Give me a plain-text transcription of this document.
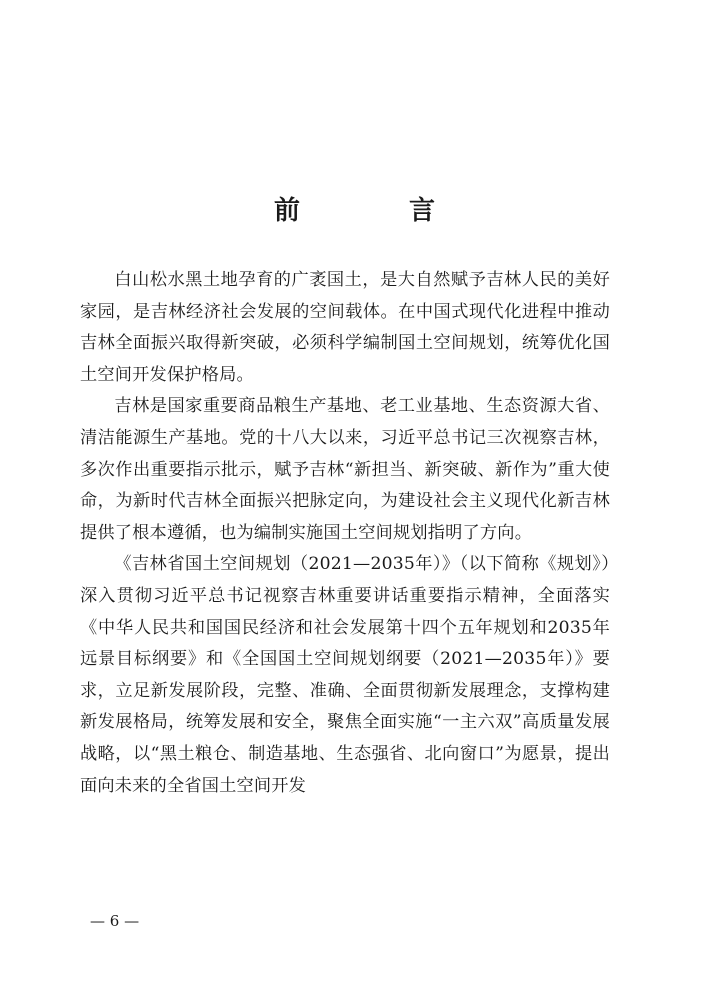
前 言

白山松水黑土地孕育的广袤国土，是大自然赋予吉林人民的美好家园，是吉林经济社会发展的空间载体。在中国式现代化进程中推动吉林全面振兴取得新突破，必须科学编制国土空间规划，统筹优化国土空间开发保护格局。

吉林是国家重要商品粮生产基地、老工业基地、生态资源大省、清洁能源生产基地。党的十八大以来，习近平总书记三次视察吉林，多次作出重要指示批示，赋予吉林“新担当、新突破、新作为”重大使命，为新时代吉林全面振兴把脉定向，为建设社会主义现代化新吉林提供了根本遵循，也为编制实施国土空间规划指明了方向。

《吉林省国土空间规划（2021—2035年）》（以下简称《规划》）深入贯彻习近平总书记视察吉林重要讲话重要指示精神，全面落实《中华人民共和国国民经济和社会发展第十四个五年规划和2035年远景目标纲要》和《全国国土空间规划纲要（2021—2035年）》要求，立足新发展阶段，完整、准确、全面贯彻新发展理念，支撑构建新发展格局，统筹发展和安全，聚焦全面实施“一主六双”高质量发展战略，以“黑土粮仓、制造基地、生态强省、北向窗口”为愿景，提出面向未来的全省国土空间开发

— 6 —
